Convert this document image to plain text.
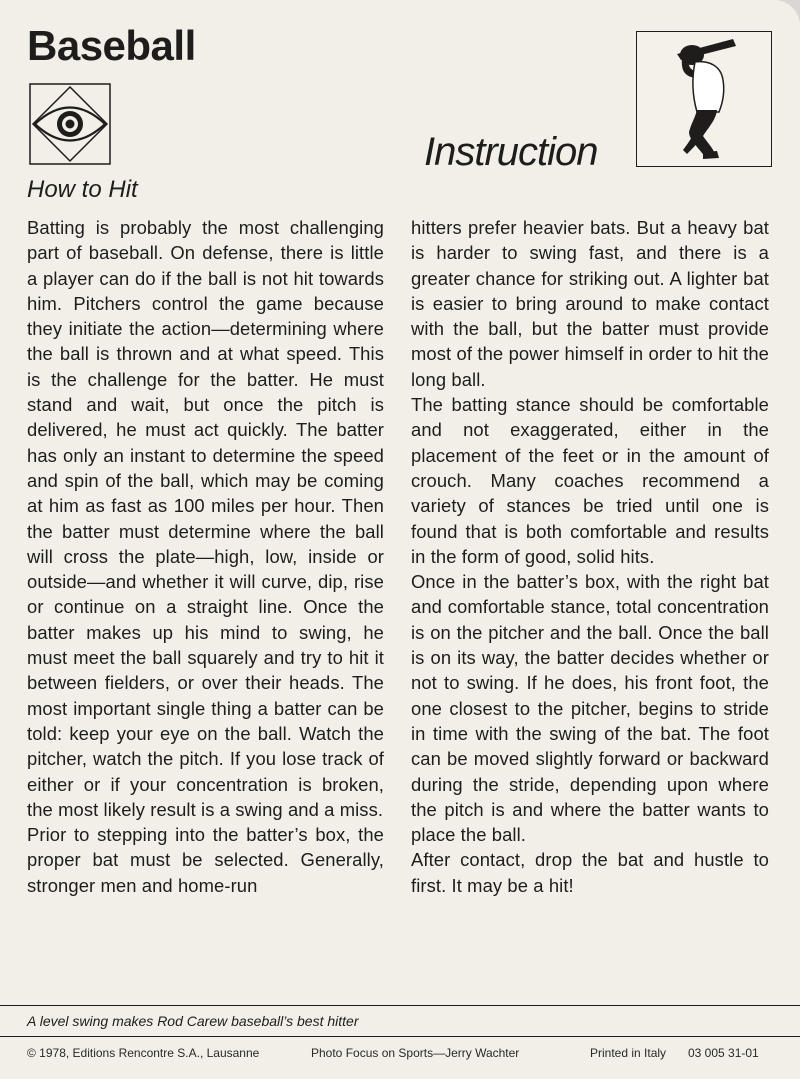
Baseball
Instruction
How to Hit

Batting is probably the most challenging part of baseball. On defense, there is little a player can do if the ball is not hit towards him. Pitchers control the game because they initiate the action—determining where the ball is thrown and at what speed. This is the challenge for the batter. He must stand and wait, but once the pitch is delivered, he must act quickly. The batter has only an instant to determine the speed and spin of the ball, which may be coming at him as fast as 100 miles per hour. Then the batter must determine where the ball will cross the plate—high, low, inside or outside—and whether it will curve, dip, rise or continue on a straight line. Once the batter makes up his mind to swing, he must meet the ball squarely and try to hit it between fielders, or over their heads. The most important single thing a batter can be told: keep your eye on the ball. Watch the pitcher, watch the pitch. If you lose track of either or if your concentration is broken, the most likely result is a swing and a miss.

Prior to stepping into the batter’s box, the proper bat must be selected. Generally, stronger men and home-run

hitters prefer heavier bats. But a heavy bat is harder to swing fast, and there is a greater chance for striking out. A lighter bat is easier to bring around to make contact with the ball, but the batter must provide most of the power himself in order to hit the long ball.

The batting stance should be comfortable and not exaggerated, either in the placement of the feet or in the amount of crouch. Many coaches recommend a variety of stances be tried until one is found that is both comfortable and results in the form of good, solid hits.

Once in the batter’s box, with the right bat and comfortable stance, total concentration is on the pitcher and the ball. Once the ball is on its way, the batter decides whether or not to swing. If he does, his front foot, the one closest to the pitcher, begins to stride in time with the swing of the bat. The foot can be moved slightly forward or backward during the stride, depending upon where the pitch is and where the batter wants to place the ball.

After contact, drop the bat and hustle to first. It may be a hit!

A level swing makes Rod Carew baseball’s best hitter
© 1978, Editions Rencontre S.A., Lausanne	Photo Focus on Sports—Jerry Wachter	Printed in Italy 03 005 31-01
